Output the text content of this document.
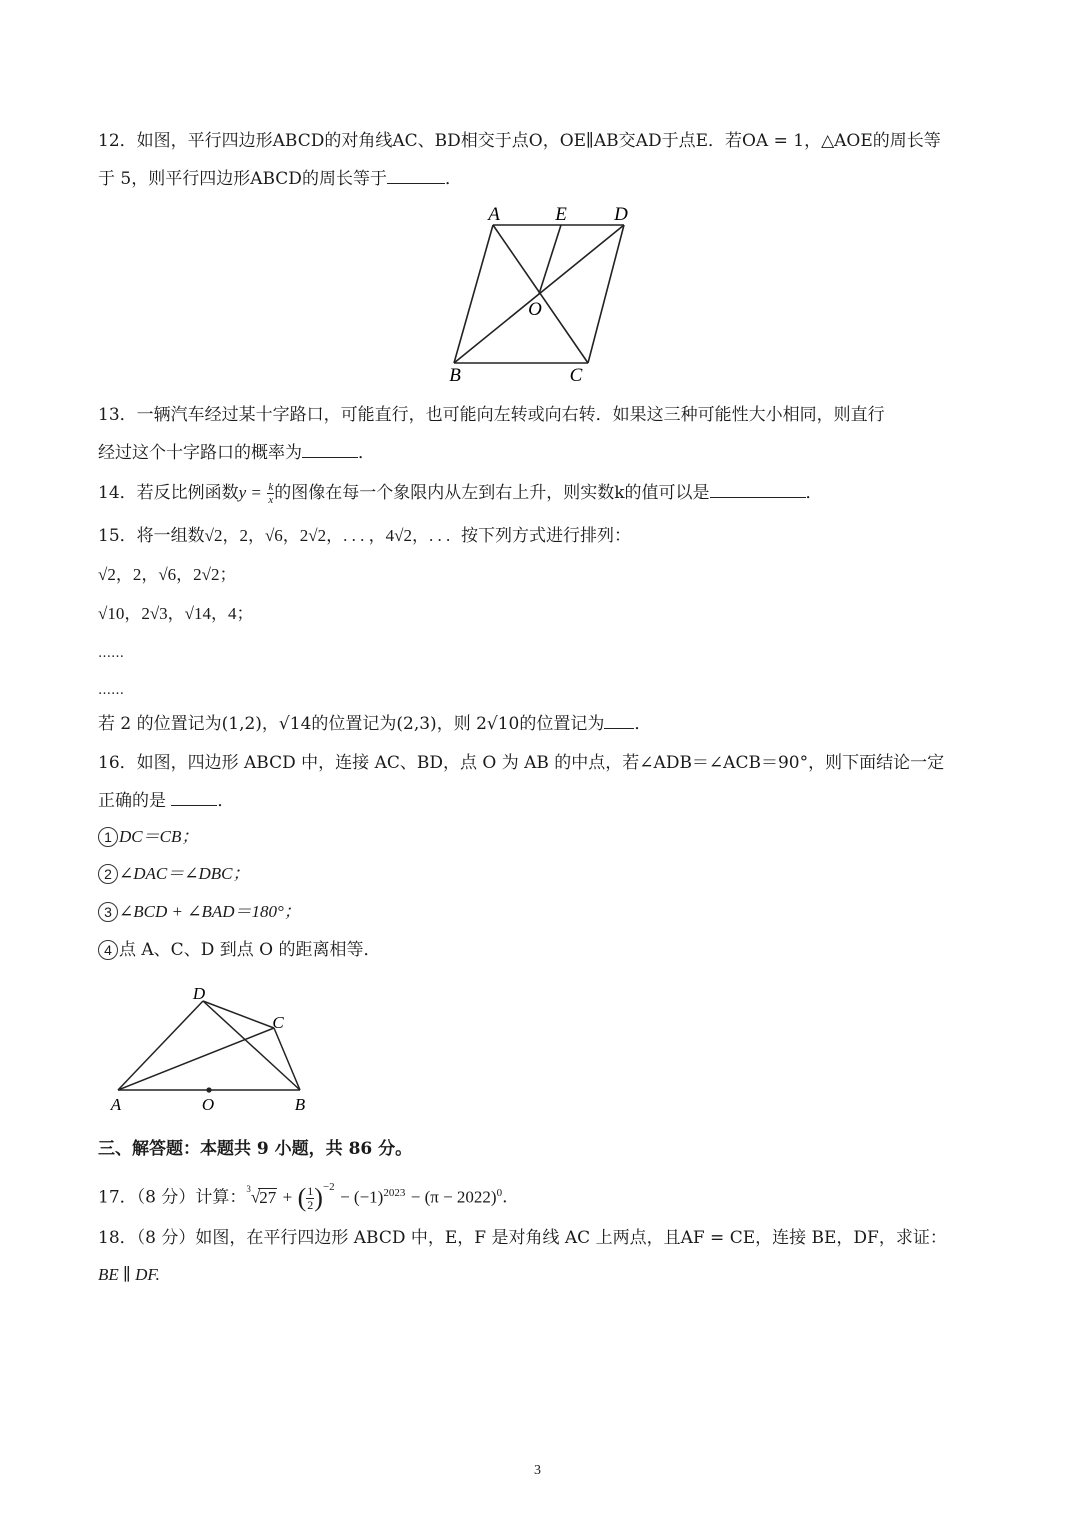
12．如图，平行四边形ABCD的对角线AC、BD相交于点O，OE∥AB交AD于点E．若OA = 1，△AOE的周长等
于 5，则平行四边形ABCD的周长等于	．
A	E D
O
B	C
13．一辆汽车经过某十字路口，可能直行，也可能向左转或向右转．如果这三种可能性大小相同，则直行
经过这个十字路口的概率为	．
14．若反比例函数$y = \frac{k}{x}$ 的图像在每一个象限内从左到右上升，则实数k的值可以是	．
15．将一组数√2，2，√6，2√2，. . . ，4√2，. . . 按下列方式进行排列：
√2，2，√6，2√2；
√10，2√3，√14，4；
……
……
若 2 的位置记为(1,2)，√14的位置记为(2,3)，则 2√10的位置记为 ．
16．如图，四边形 ABCD 中，连接 AC、BD，点 O 为 AB 的中点，若∠ADB＝∠ACB＝90°，则下面结论一定
正确的是	．
1 DC＝CB；
2 ∠DAC＝∠DBC；
3 ∠BCD + ∠BAD＝180°；
4 点 A、C、D 到点 O 的距离相等．
D
C
A	O	B
三、解答题：本题共 9 小题，共 86 分。
17．（8 分）计算：$^3$√27 + ( $\frac{1}{2} )^{-2} - (-1)^{2023} - (\pi - 2022)^0$.
18．（8 分）如图，在平行四边形 ABCD 中，E，F 是对角线 AC 上两点，且AF = CE，连接 BE，DF，求证：
BE ∥ DF.
3
